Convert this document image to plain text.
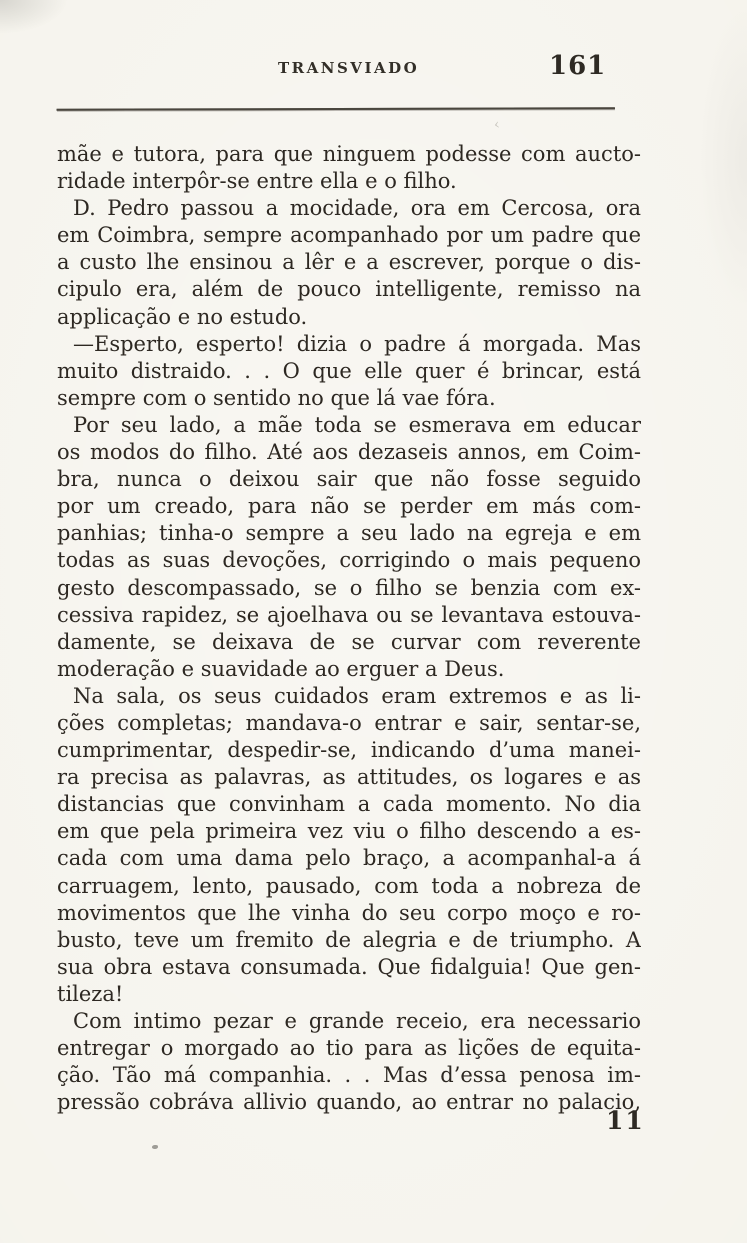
TRANSVIADO	161
‹
mãe e tutora, para que ninguem podesse com aucto-
ridade interpôr-se entre ella e o filho.
D. Pedro passou a mocidade, ora em Cercosa, ora
em Coimbra, sempre acompanhado por um padre que
a custo lhe ensinou a lêr e a escrever, porque o dis-
cipulo era, além de pouco intelligente, remisso na
applicação e no estudo.
—Esperto, esperto! dizia o padre á morgada. Mas
muito distraido. . . O que elle quer é brincar, está
sempre com o sentido no que lá vae fóra.
Por seu lado, a mãe toda se esmerava em educar
os modos do filho. Até aos dezaseis annos, em Coim-
bra, nunca o deixou sair que não fosse seguido
por um creado, para não se perder em más com-
panhias; tinha-o sempre a seu lado na egreja e em
todas as suas devoções, corrigindo o mais pequeno
gesto descompassado, se o filho se benzia com ex-
cessiva rapidez, se ajoelhava ou se levantava estouva-
damente, se deixava de se curvar com reverente
moderação e suavidade ao erguer a Deus.
Na sala, os seus cuidados eram extremos e as li-
ções completas; mandava-o entrar e sair, sentar-se,
cumprimentar, despedir-se, indicando d’uma manei-
ra precisa as palavras, as attitudes, os logares e as
distancias que convinham a cada momento. No dia
em que pela primeira vez viu o filho descendo a es-
cada com uma dama pelo braço, a acompanhal-a á
carruagem, lento, pausado, com toda a nobreza de
movimentos que lhe vinha do seu corpo moço e ro-
busto, teve um fremito de alegria e de triumpho. A
sua obra estava consumada. Que fidalguia! Que gen-
tileza!
Com intimo pezar e grande receio, era necessario
entregar o morgado ao tio para as lições de equita-
ção. Tão má companhia. . . Mas d’essa penosa im-
pressão cobráva allivio quando, ao entrar no palacio,
11
